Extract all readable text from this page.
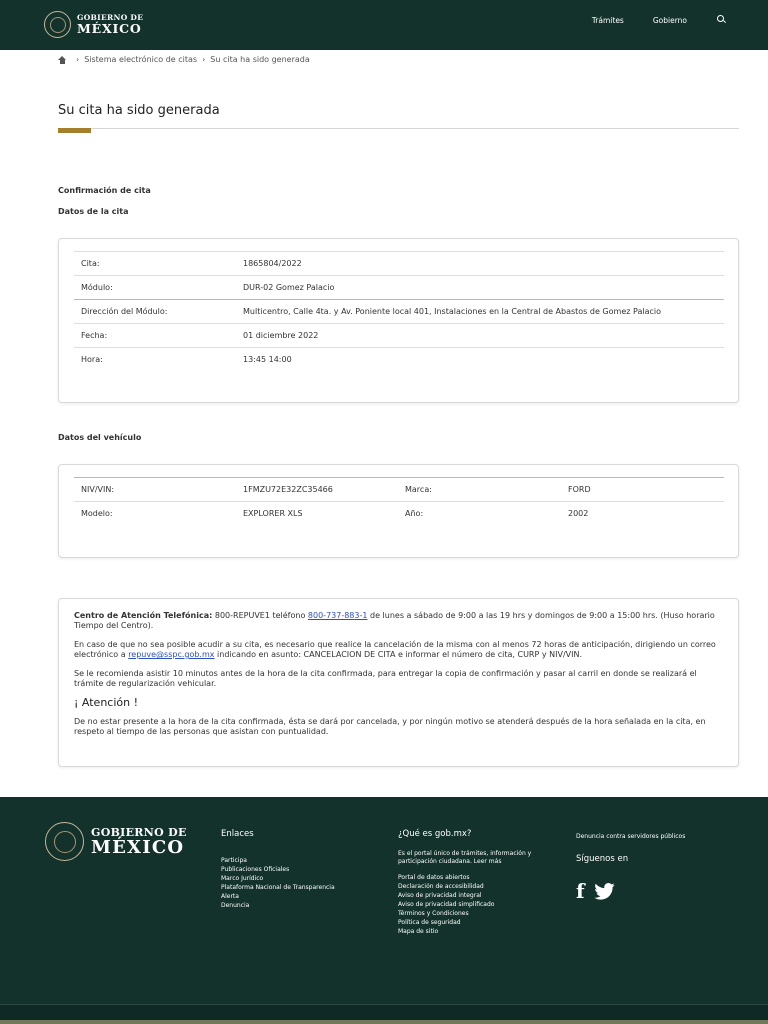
GOBIERNO DE
MÉXICO
Trámites	Gobierno
› Sistema electrónico de citas › Su cita ha sido generada
Su cita ha sido generada
Confirmación de cita
Datos de la cita
Cita:	1865804/2022
Módulo:	DUR-02 Gomez Palacio
Dirección del Módulo:	Multicentro, Calle 4ta. y Av. Poniente local 401, Instalaciones en la Central de Abastos de Gomez Palacio
Fecha:	01 diciembre 2022
Hora:	13:45 14:00
Datos del vehículo
NIV/VIN:	1FMZU72E32ZC35466	Marca:	FORD
Modelo:	EXPLORER XLS	Año:	2002

Centro de Atención Telefónica: 800-REPUVE1 teléfono 800-737-883-1 de lunes a sábado de 9:00 a las 19 hrs y domingos de 9:00 a 15:00 hrs. (Huso horario Tiempo del Centro).

En caso de que no sea posible acudir a su cita, es necesario que realice la cancelación de la misma con al menos 72 horas de anticipación, dirigiendo un correo electrónico a repuve@sspc.gob.mx indicando en asunto: CANCELACION DE CITA e informar el número de cita, CURP y NIV/VIN.

Se le recomienda asistir 10 minutos antes de la hora de la cita confirmada, para entregar la copia de confirmación y pasar al carril en donde se realizará el trámite de regularización vehicular.

¡ Atención !

De no estar presente a la hora de la cita confirmada, ésta se dará por cancelada, y por ningún motivo se atenderá después de la hora señalada en la cita, en respeto al tiempo de las personas que asistan con puntualidad.

GOBIERNO DE
MÉXICO
Enlaces
Participa
Publicaciones Oficiales
Marco Jurídico
Plataforma Nacional de Transparencia
Alerta
Denuncia
¿Qué es gob.mx?
Es el portal único de trámites, información y participación ciudadana. Leer más
Portal de datos abiertos
Declaración de accesibilidad
Aviso de privacidad integral
Aviso de privacidad simplificado
Términos y Condiciones
Política de seguridad
Mapa de sitio
Denuncia contra servidores públicos
Síguenos en
f
